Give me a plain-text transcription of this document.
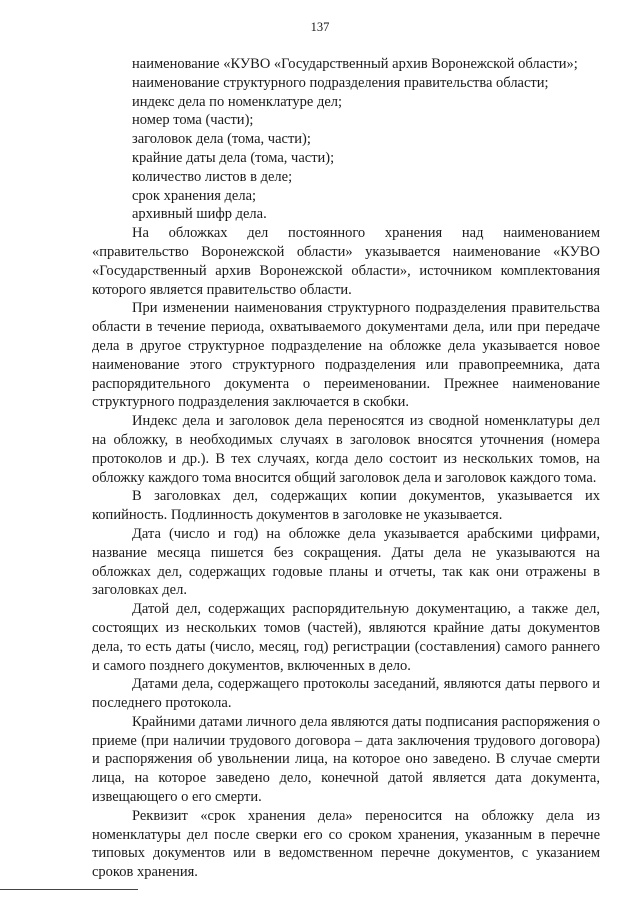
137

наименование «КУВО «Государственный архив Воронежской области»;

наименование структурного подразделения правительства области;

индекс дела по номенклатуре дел;

номер тома (части);

заголовок дела (тома, части);

крайние даты дела (тома, части);

количество листов в деле;

срок хранения дела;

архивный шифр дела.

На обложках дел постоянного хранения над наименованием «правительство Воронежской области» указывается наименование «КУВО «Государственный архив Воронежской области», источником комплектования которого является правительство области.

При изменении наименования структурного подразделения правительства области в течение периода, охватываемого документами дела, или при передаче дела в другое структурное подразделение на обложке дела указывается новое наименование этого структурного подразделения или правопреемника, дата распорядительного документа о переименовании. Прежнее наименование структурного подразделения заключается в скобки.

Индекс дела и заголовок дела переносятся из сводной номенклатуры дел на обложку, в необходимых случаях в заголовок вносятся уточнения (номера протоколов и др.). В тех случаях, когда дело состоит из нескольких томов, на обложку каждого тома вносится общий заголовок дела и заголовок каждого тома.

В заголовках дел, содержащих копии документов, указывается их копийность. Подлинность документов в заголовке не указывается.

Дата (число и год) на обложке дела указывается арабскими цифрами, название месяца пишется без сокращения. Даты дела не указываются на обложках дел, содержащих годовые планы и отчеты, так как они отражены в заголовках дел.

Датой дел, содержащих распорядительную документацию, а также дел, состоящих из нескольких томов (частей), являются крайние даты документов дела, то есть даты (число, месяц, год) регистрации (составления) самого раннего и самого позднего документов, включенных в дело.

Датами дела, содержащего протоколы заседаний, являются даты первого и последнего протокола.

Крайними датами личного дела являются даты подписания распоряжения о приеме (при наличии трудового договора – дата заключения трудового договора) и распоряжения об увольнении лица, на которое оно заведено. В случае смерти лица, на которое заведено дело, конечной датой является дата документа, извещающего о его смерти.

Реквизит «срок хранения дела» переносится на обложку дела из номенклатуры дел после сверки его со сроком хранения, указанным в перечне типовых документов или в ведомственном перечне документов, с указанием сроков хранения.
